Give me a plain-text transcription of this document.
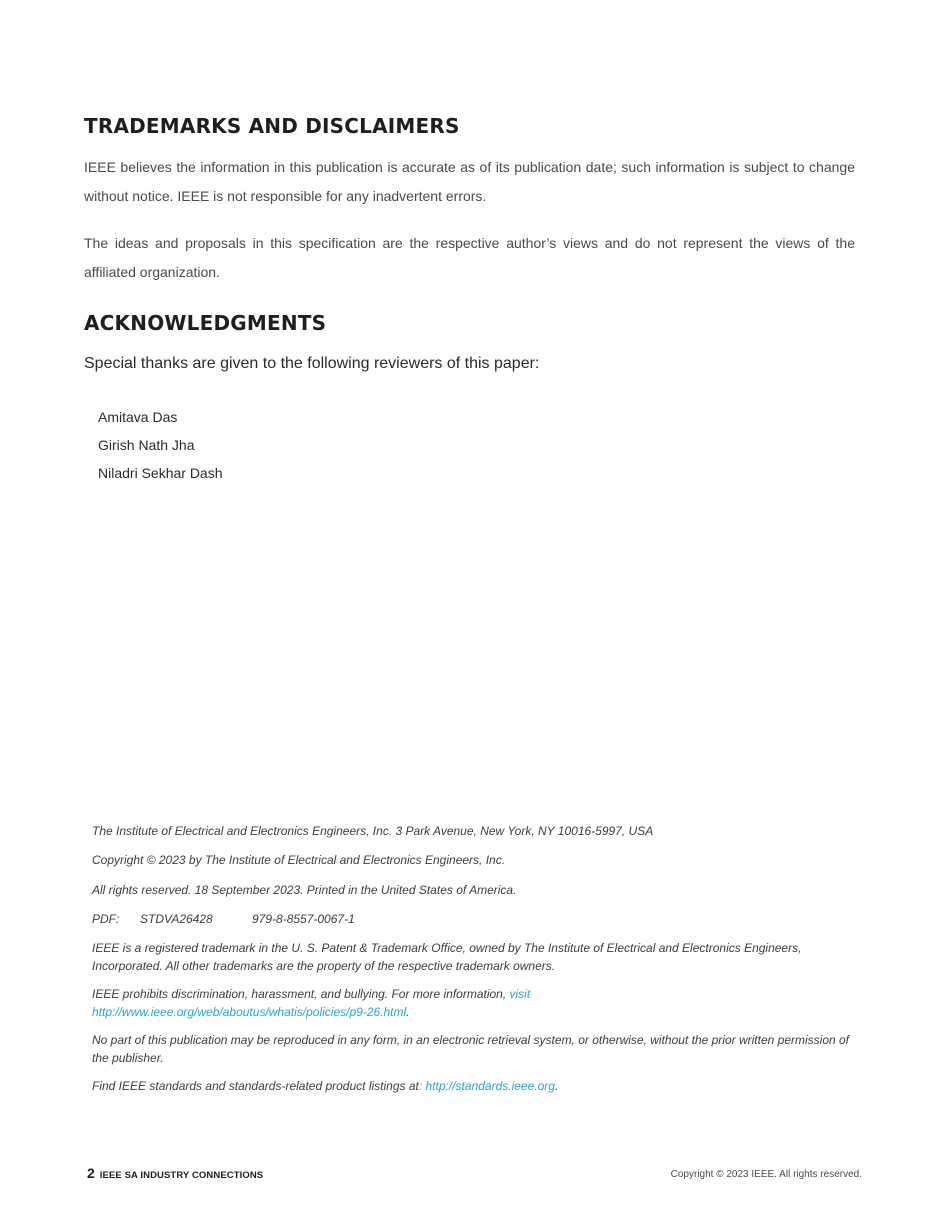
TRADEMARKS AND DISCLAIMERS

IEEE believes the information in this publication is accurate as of its publication date; such information is subject to change without notice. IEEE is not responsible for any inadvertent errors.

The ideas and proposals in this specification are the respective author’s views and do not represent the views of the affiliated organization.

ACKNOWLEDGMENTS

Special thanks are given to the following reviewers of this paper:

Amitava Das
Girish Nath Jha
Niladri Sekhar Dash

The Institute of Electrical and Electronics Engineers, Inc. 3 Park Avenue, New York, NY 10016-5997, USA

Copyright © 2023 by The Institute of Electrical and Electronics Engineers, Inc.

All rights reserved. 18 September 2023. Printed in the United States of America.

PDF: STDVA26428	979-8-8557-0067-1

IEEE is a registered trademark in the U. S. Patent & Trademark Office, owned by The Institute of Electrical and Electronics Engineers, Incorporated. All other trademarks are the property of the respective trademark owners.

IEEE prohibits discrimination, harassment, and bullying. For more information, visit http://www.ieee.org/web/aboutus/whatis/policies/p9-26.html.

No part of this publication may be reproduced in any form, in an electronic retrieval system, or otherwise, without the prior written permission of the publisher.

Find IEEE standards and standards-related product listings at: http://standards.ieee.org.

2 IEEE SA INDUSTRY CONNECTIONS	Copyright © 2023 IEEE. All rights reserved.
